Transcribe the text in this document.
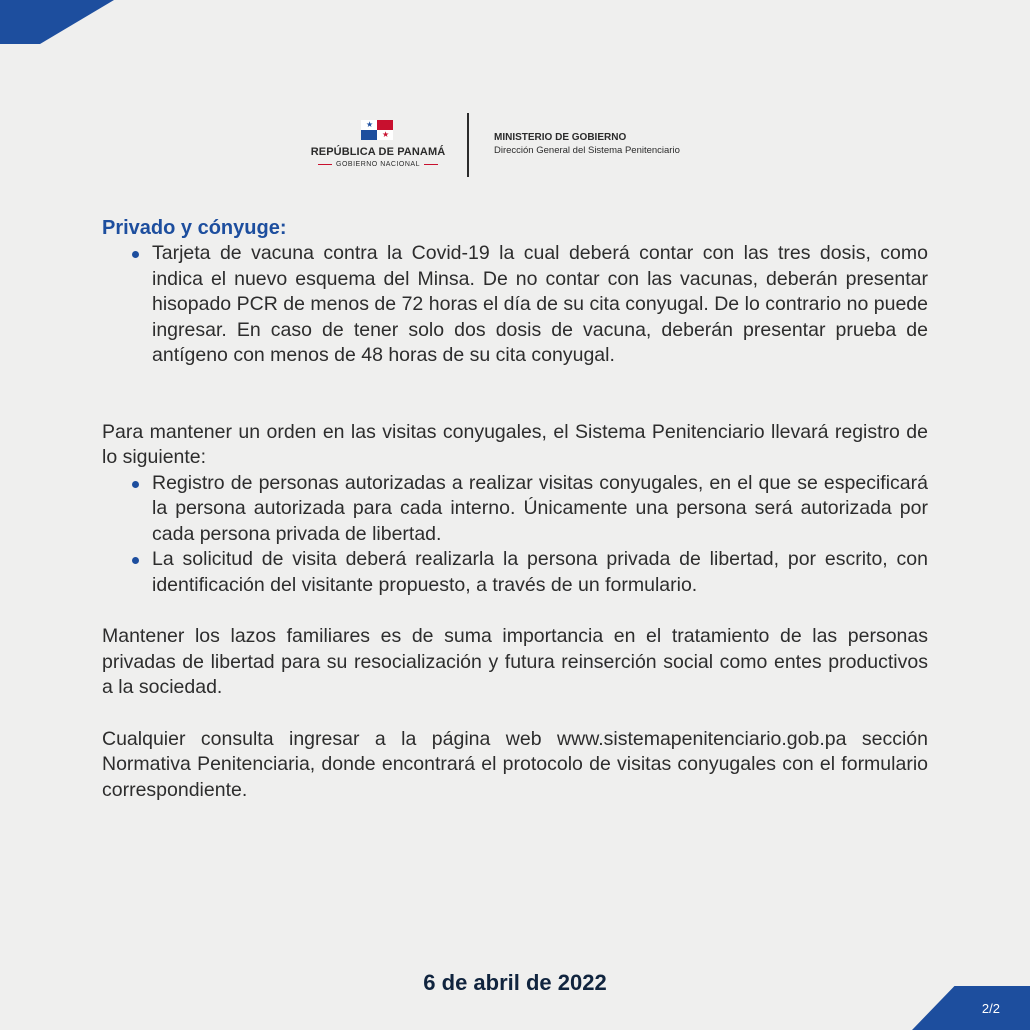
★
★
REPÚBLICA DE PANAMÁ
GOBIERNO NACIONAL
MINISTERIO DE GOBIERNO
Dirección General del Sistema Penitenciario
Privado y cónyuge:
Tarjeta de vacuna contra la Covid-19 la cual deberá contar con las tres dosis, como indica el nuevo esquema del Minsa. De no contar con las vacunas, deberán presentar hisopado PCR de menos de 72 horas el día de su cita conyugal. De lo contrario no puede ingresar. En caso de tener solo dos dosis de vacuna, deberán presentar prueba de antígeno con menos de 48 horas de su cita conyugal.

Para mantener un orden en las visitas conyugales, el Sistema Penitenciario llevará registro de lo siguiente:

Registro de personas autorizadas a realizar visitas conyugales, en el que se especificará la persona autorizada para cada interno. Únicamente una persona será autorizada por cada persona privada de libertad.
La solicitud de visita deberá realizarla la persona privada de libertad, por escrito, con identificación del visitante propuesto, a través de un formulario.

Mantener los lazos familiares es de suma importancia en el tratamiento de las personas privadas de libertad para su resocialización y futura reinserción social como entes productivos a la sociedad.

Cualquier consulta ingresar a la página web www.sistemapenitenciario.gob.pa sección Normativa Penitenciaria, donde encontrará el protocolo de visitas conyugales con el formulario correspondiente.

6 de abril de 2022
2/2
